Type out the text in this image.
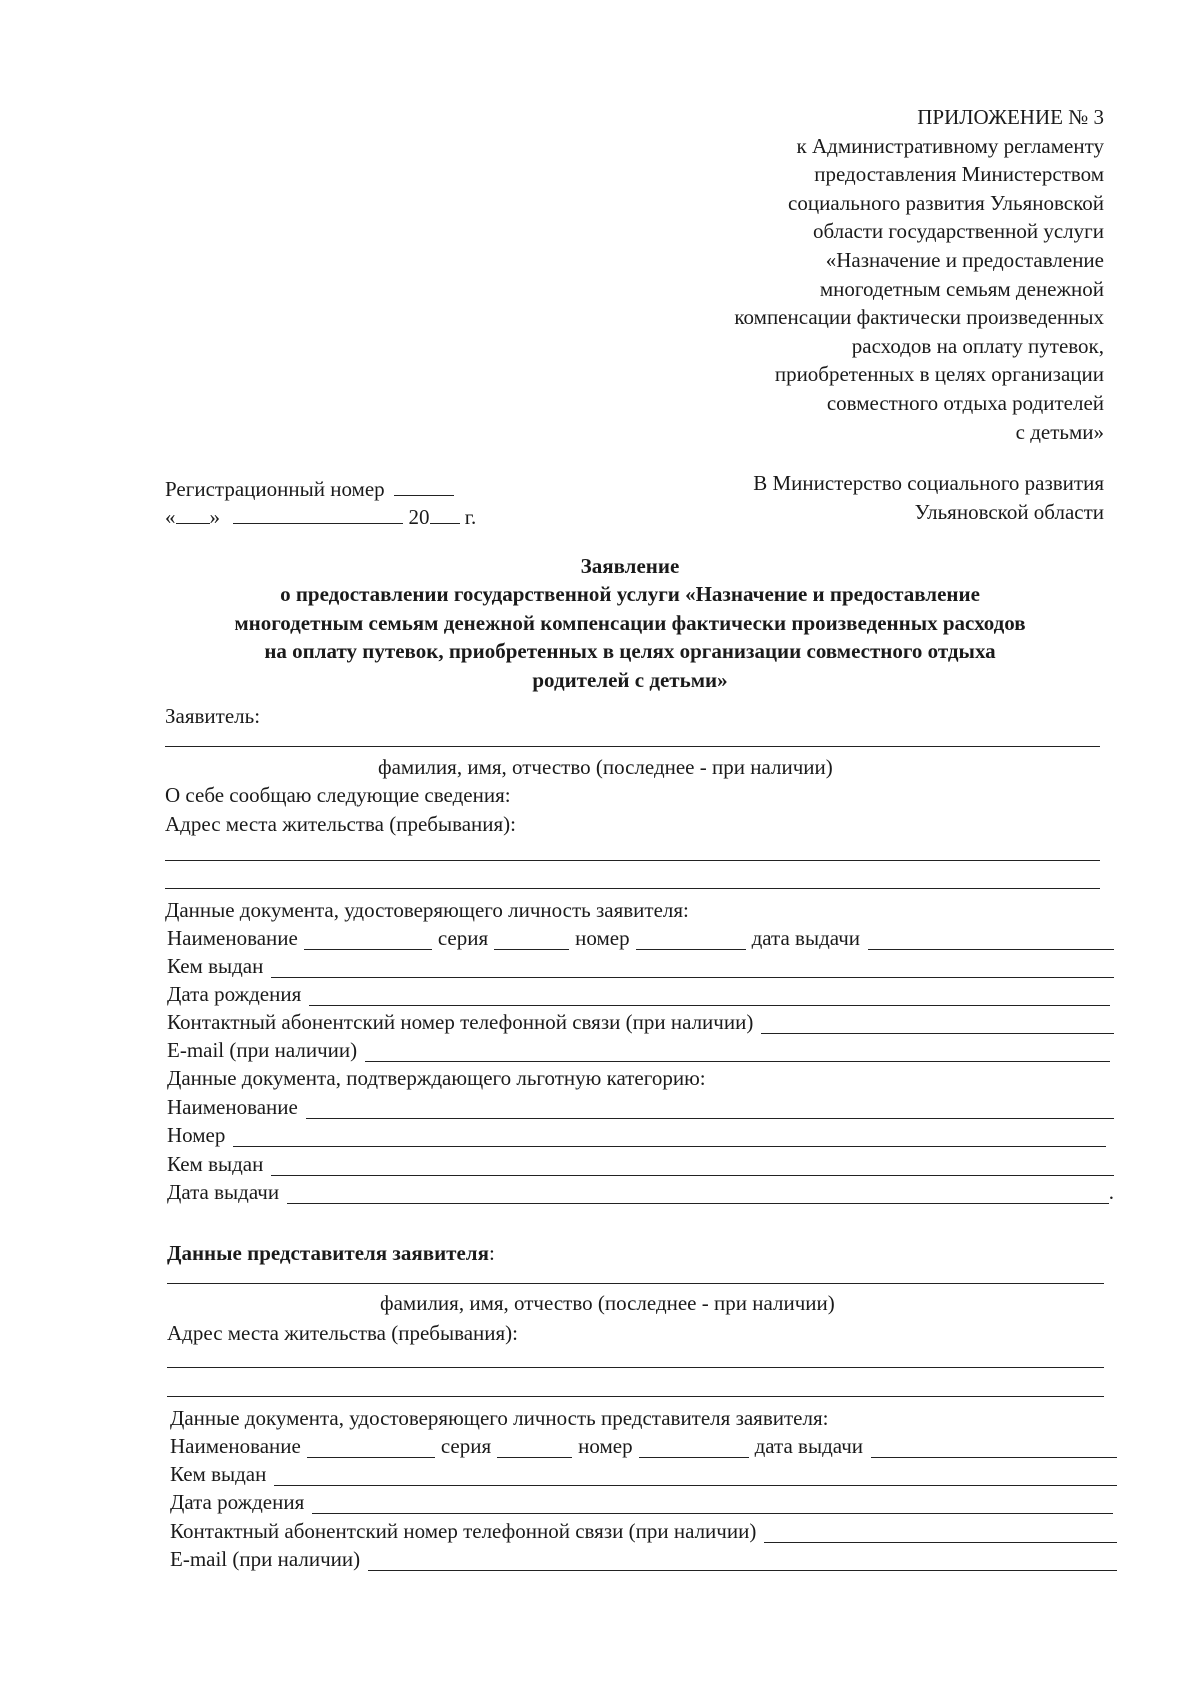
ПРИЛОЖЕНИЕ № 3
к Административному регламенту
предоставления Министерством
социального развития Ульяновской
области государственной услуги
«Назначение и предоставление
многодетным семьям денежной
компенсации фактически произведенных
расходов на оплату путевок,
приобретенных в целях организации
совместного отдыха родителей
с детьми»
Регистрационный номер
« »	20 г.
В Министерство социального развития
Ульяновской области
Заявление
о предоставлении государственной услуги «Назначение и предоставление
многодетным семьям денежной компенсации фактически произведенных расходов
на оплату путевок, приобретенных в целях организации совместного отдыха
родителей с детьми»
Заявитель:
фамилия, имя, отчество (последнее - при наличии)
О себе сообщаю следующие сведения:
Адрес места жительства (пребывания):
Данные документа, удостоверяющего личность заявителя:
Наименование	серия	номер	дата выдачи
Кем выдан
Дата рождения
Контактный абонентский номер телефонной связи (при наличии)
E-mail (при наличии)
Данные документа, подтверждающего льготную категорию:
Наименование
Номер
Кем выдан
Дата выдачи	.
Данные представителя заявителя:
фамилия, имя, отчество (последнее - при наличии)
Адрес места жительства (пребывания):
Данные документа, удостоверяющего личность представителя заявителя:
Наименование	серия	номер	дата выдачи
Кем выдан
Дата рождения
Контактный абонентский номер телефонной связи (при наличии)
E-mail (при наличии)
